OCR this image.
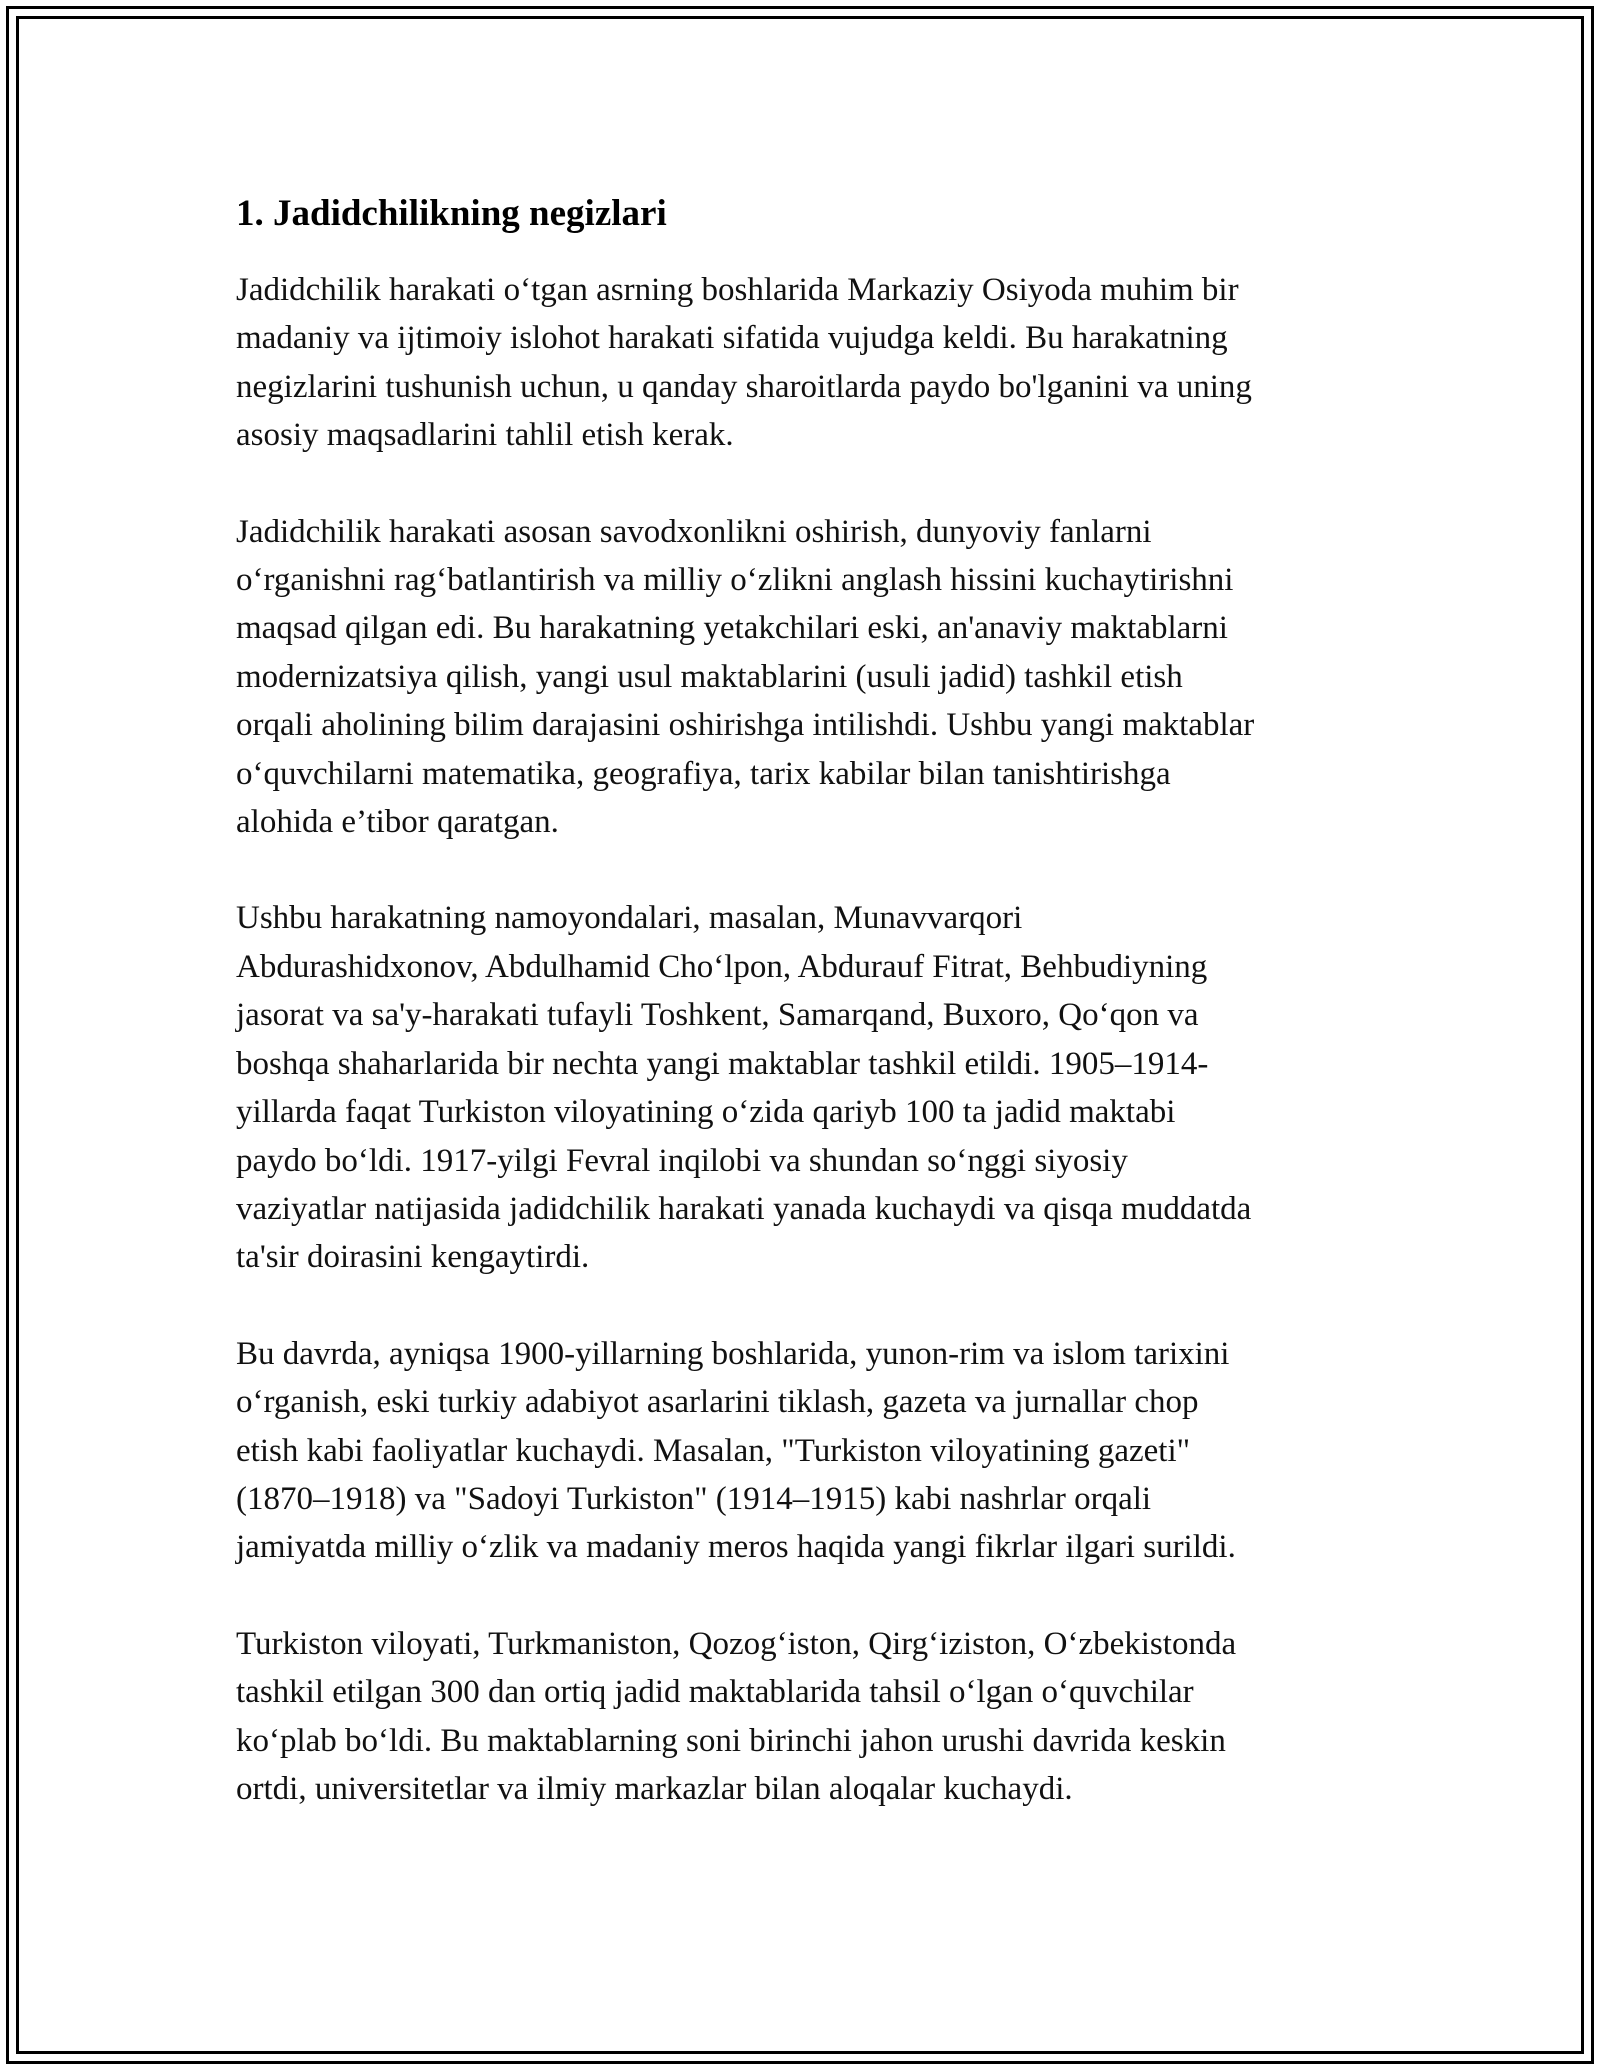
1. Jadidchilikning negizlari

Jadidchilik harakati o‘tgan asrning boshlarida Markaziy Osiyoda muhim bir
madaniy va ijtimoiy islohot harakati sifatida vujudga keldi. Bu harakatning
negizlarini tushunish uchun, u qanday sharoitlarda paydo bo'lganini va uning
asosiy maqsadlarini tahlil etish kerak.

Jadidchilik harakati asosan savodxonlikni oshirish, dunyoviy fanlarni
o‘rganishni rag‘batlantirish va milliy o‘zlikni anglash hissini kuchaytirishni
maqsad qilgan edi. Bu harakatning yetakchilari eski, an'anaviy maktablarni
modernizatsiya qilish, yangi usul maktablarini (usuli jadid) tashkil etish
orqali aholining bilim darajasini oshirishga intilishdi. Ushbu yangi maktablar
o‘quvchilarni matematika, geografiya, tarix kabilar bilan tanishtirishga
alohida e’tibor qaratgan.

Ushbu harakatning namoyondalari, masalan, Munavvarqori
Abdurashidxonov, Abdulhamid Cho‘lpon, Abdurauf Fitrat, Behbudiyning
jasorat va sa'y-harakati tufayli Toshkent, Samarqand, Buxoro, Qo‘qon va
boshqa shaharlarida bir nechta yangi maktablar tashkil etildi. 1905–1914-
yillarda faqat Turkiston viloyatining o‘zida qariyb 100 ta jadid maktabi
paydo bo‘ldi. 1917-yilgi Fevral inqilobi va shundan so‘nggi siyosiy
vaziyatlar natijasida jadidchilik harakati yanada kuchaydi va qisqa muddatda
ta'sir doirasini kengaytirdi.

Bu davrda, ayniqsa 1900-yillarning boshlarida, yunon-rim va islom tarixini
o‘rganish, eski turkiy adabiyot asarlarini tiklash, gazeta va jurnallar chop
etish kabi faoliyatlar kuchaydi. Masalan, "Turkiston viloyatining gazeti"
(1870–1918) va "Sadoyi Turkiston" (1914–1915) kabi nashrlar orqali
jamiyatda milliy o‘zlik va madaniy meros haqida yangi fikrlar ilgari surildi.

Turkiston viloyati, Turkmaniston, Qozog‘iston, Qirg‘iziston, O‘zbekistonda
tashkil etilgan 300 dan ortiq jadid maktablarida tahsil o‘lgan o‘quvchilar
ko‘plab bo‘ldi. Bu maktablarning soni birinchi jahon urushi davrida keskin
ortdi, universitetlar va ilmiy markazlar bilan aloqalar kuchaydi.
